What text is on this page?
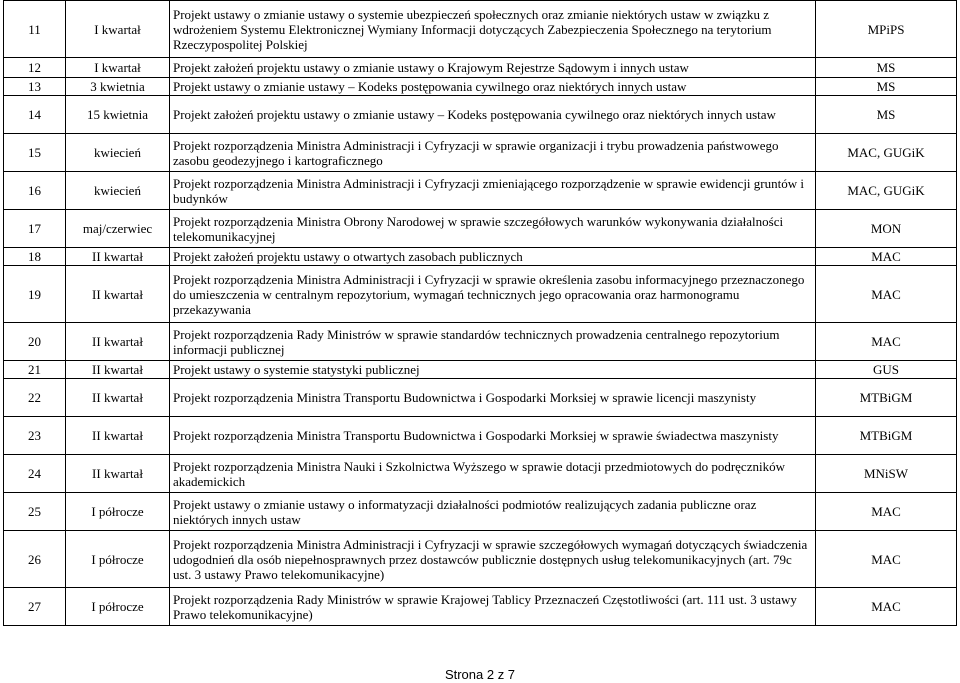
11	I kwartał	Projekt ustawy o zmianie ustawy o systemie ubezpieczeń społecznych oraz zmianie niektórych ustaw w związku z wdrożeniem Systemu Elektronicznej Wymiany Informacji dotyczących Zabezpieczenia Społecznego na terytorium Rzeczypospolitej Polskiej	MPiPS
12	I kwartał	Projekt założeń projektu ustawy o zmianie ustawy o Krajowym Rejestrze Sądowym i innych ustaw	MS
13	3 kwietnia	Projekt ustawy o zmianie ustawy – Kodeks postępowania cywilnego oraz niektórych innych ustaw	MS
14	15 kwietnia	Projekt założeń projektu ustawy o zmianie ustawy – Kodeks postępowania cywilnego oraz niektórych innych ustaw	MS
15	kwiecień	Projekt rozporządzenia Ministra Administracji i Cyfryzacji w sprawie organizacji i trybu prowadzenia państwowego zasobu geodezyjnego i kartograficznego	MAC, GUGiK
16	kwiecień	Projekt rozporządzenia Ministra Administracji i Cyfryzacji zmieniającego rozporządzenie w sprawie ewidencji gruntów i budynków	MAC, GUGiK
17	maj/czerwiec	Projekt rozporządzenia Ministra Obrony Narodowej w sprawie szczegółowych warunków wykonywania działalności telekomunikacyjnej	MON
18	II kwartał	Projekt założeń projektu ustawy o otwartych zasobach publicznych	MAC
19	II kwartał	Projekt rozporządzenia Ministra Administracji i Cyfryzacji w sprawie określenia zasobu informacyjnego przeznaczonego do umieszczenia w centralnym repozytorium, wymagań technicznych jego opracowania oraz harmonogramu przekazywania	MAC
20	II kwartał	Projekt rozporządzenia Rady Ministrów w sprawie standardów technicznych prowadzenia centralnego repozytorium informacji publicznej	MAC
21	II kwartał	Projekt ustawy o systemie statystyki publicznej	GUS
22	II kwartał	Projekt rozporządzenia Ministra Transportu Budownictwa i Gospodarki Morksiej w sprawie licencji maszynisty	MTBiGM
23	II kwartał	Projekt rozporządzenia Ministra Transportu Budownictwa i Gospodarki Morksiej w sprawie świadectwa maszynisty	MTBiGM
24	II kwartał	Projekt rozporządzenia Ministra Nauki i Szkolnictwa Wyższego w sprawie dotacji przedmiotowych do podręczników akademickich	MNiSW
25	I półrocze	Projekt ustawy o zmianie ustawy o informatyzacji działalności podmiotów realizujących zadania publiczne oraz niektórych innych ustaw	MAC
26	I półrocze	Projekt rozporządzenia Ministra Administracji i Cyfryzacji w sprawie szczegółowych wymagań dotyczących świadczenia udogodnień dla osób niepełnosprawnych przez dostawców publicznie dostępnych usług telekomunikacyjnych (art. 79c ust. 3 ustawy Prawo telekomunikacyjne)	MAC
27	I półrocze	Projekt rozporządzenia Rady Ministrów w sprawie Krajowej Tablicy Przeznaczeń Częstotliwości (art. 111 ust. 3 ustawy Prawo telekomunikacyjne)	MAC
Strona 2 z 7
